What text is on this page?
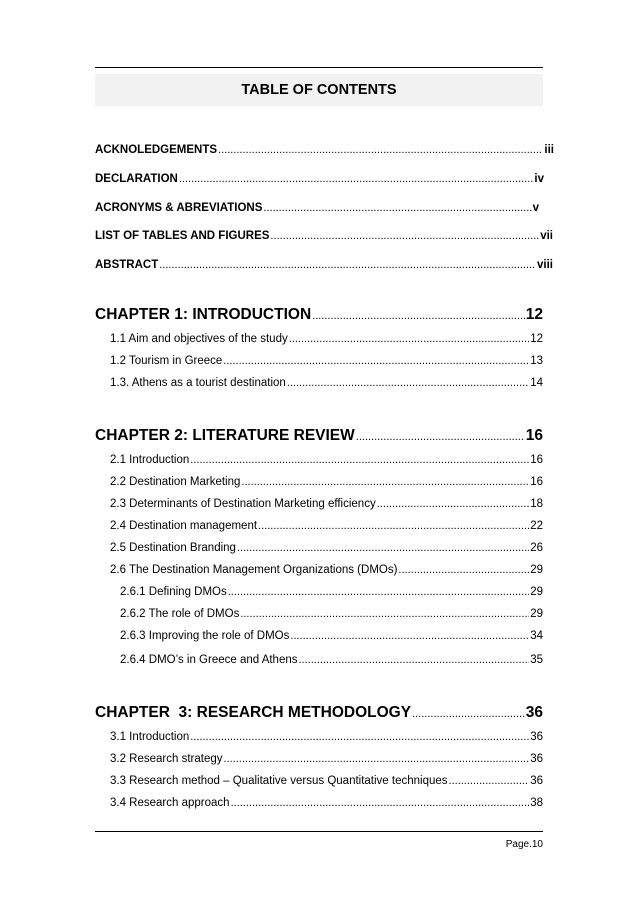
TABLE OF CONTENTS
ACKNOLEDGEMENTS .....	iii
DECLARATION .....	iv
ACRONYMS & ABREVIATIONS .....	v
LIST OF TABLES AND FIGURES .....	vii
ABSTRACT .....	viii
CHAPTER 1: INTRODUCTION .....	12
1.1 Aim and objectives of the study .....	12
1.2 Tourism in Greece .....	13
1.3. Athens as a tourist destination .....	14
CHAPTER 2: LITERATURE REVIEW .....	16
2.1 Introduction .....	16
2.2 Destination Marketing .....	16
2.3 Determinants of Destination Marketing efficiency .....	18
2.4 Destination management .....	22
2.5 Destination Branding .....	26
2.6 The Destination Management Organizations (DMOs) .....	29
2.6.1 Defining DMOs .....	29
2.6.2 The role of DMOs .....	29
2.6.3 Improving the role of DMOs .....	34
2.6.4 DMO’s in Greece and Athens .....	35
CHAPTER  3: RESEARCH METHODOLOGY .....	36
3.1 Introduction .....	36
3.2 Research strategy .....	36
3.3 Research method – Qualitative versus Quantitative techniques .....	36
3.4 Research approach .....	38
Page.10
